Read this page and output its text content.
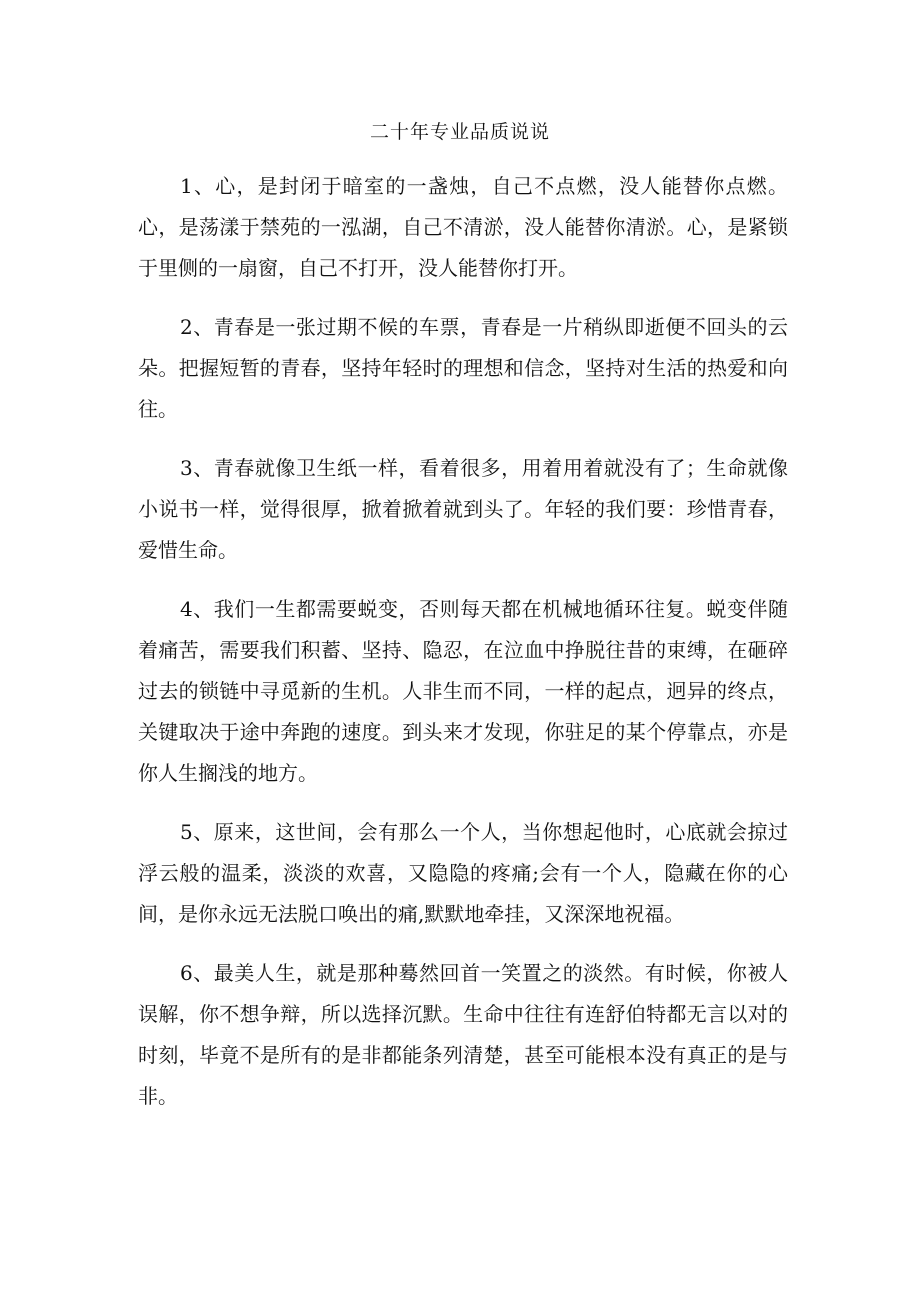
二十年专业品质说说

1、心，是封闭于暗室的一盏烛，自己不点燃，没人能替你点燃。心，是荡漾于禁苑的一泓湖，自己不清淤，没人能替你清淤。心，是紧锁于里侧的一扇窗，自己不打开，没人能替你打开。

2、青春是一张过期不候的车票，青春是一片稍纵即逝便不回头的云朵。把握短暂的青春，坚持年轻时的理想和信念，坚持对生活的热爱和向往。

3、青春就像卫生纸一样，看着很多，用着用着就没有了；生命就像小说书一样，觉得很厚，掀着掀着就到头了。年轻的我们要：珍惜青春，爱惜生命。

4、我们一生都需要蜕变，否则每天都在机械地循环往复。蜕变伴随着痛苦，需要我们积蓄、坚持、隐忍，在泣血中挣脱往昔的束缚，在砸碎过去的锁链中寻觅新的生机。人非生而不同，一样的起点，迥异的终点，关键取决于途中奔跑的速度。到头来才发现，你驻足的某个停靠点，亦是你人生搁浅的地方。

5、原来，这世间，会有那么一个人，当你想起他时，心底就会掠过浮云般的温柔，淡淡的欢喜，又隐隐的疼痛;会有一个人，隐藏在你的心间，是你永远无法脱口唤出的痛,默默地牵挂，又深深地祝福。

6、最美人生，就是那种蓦然回首一笑置之的淡然。有时候，你被人误解，你不想争辩，所以选择沉默。生命中往往有连舒伯特都无言以对的时刻，毕竟不是所有的是非都能条列清楚，甚至可能根本没有真正的是与非。
